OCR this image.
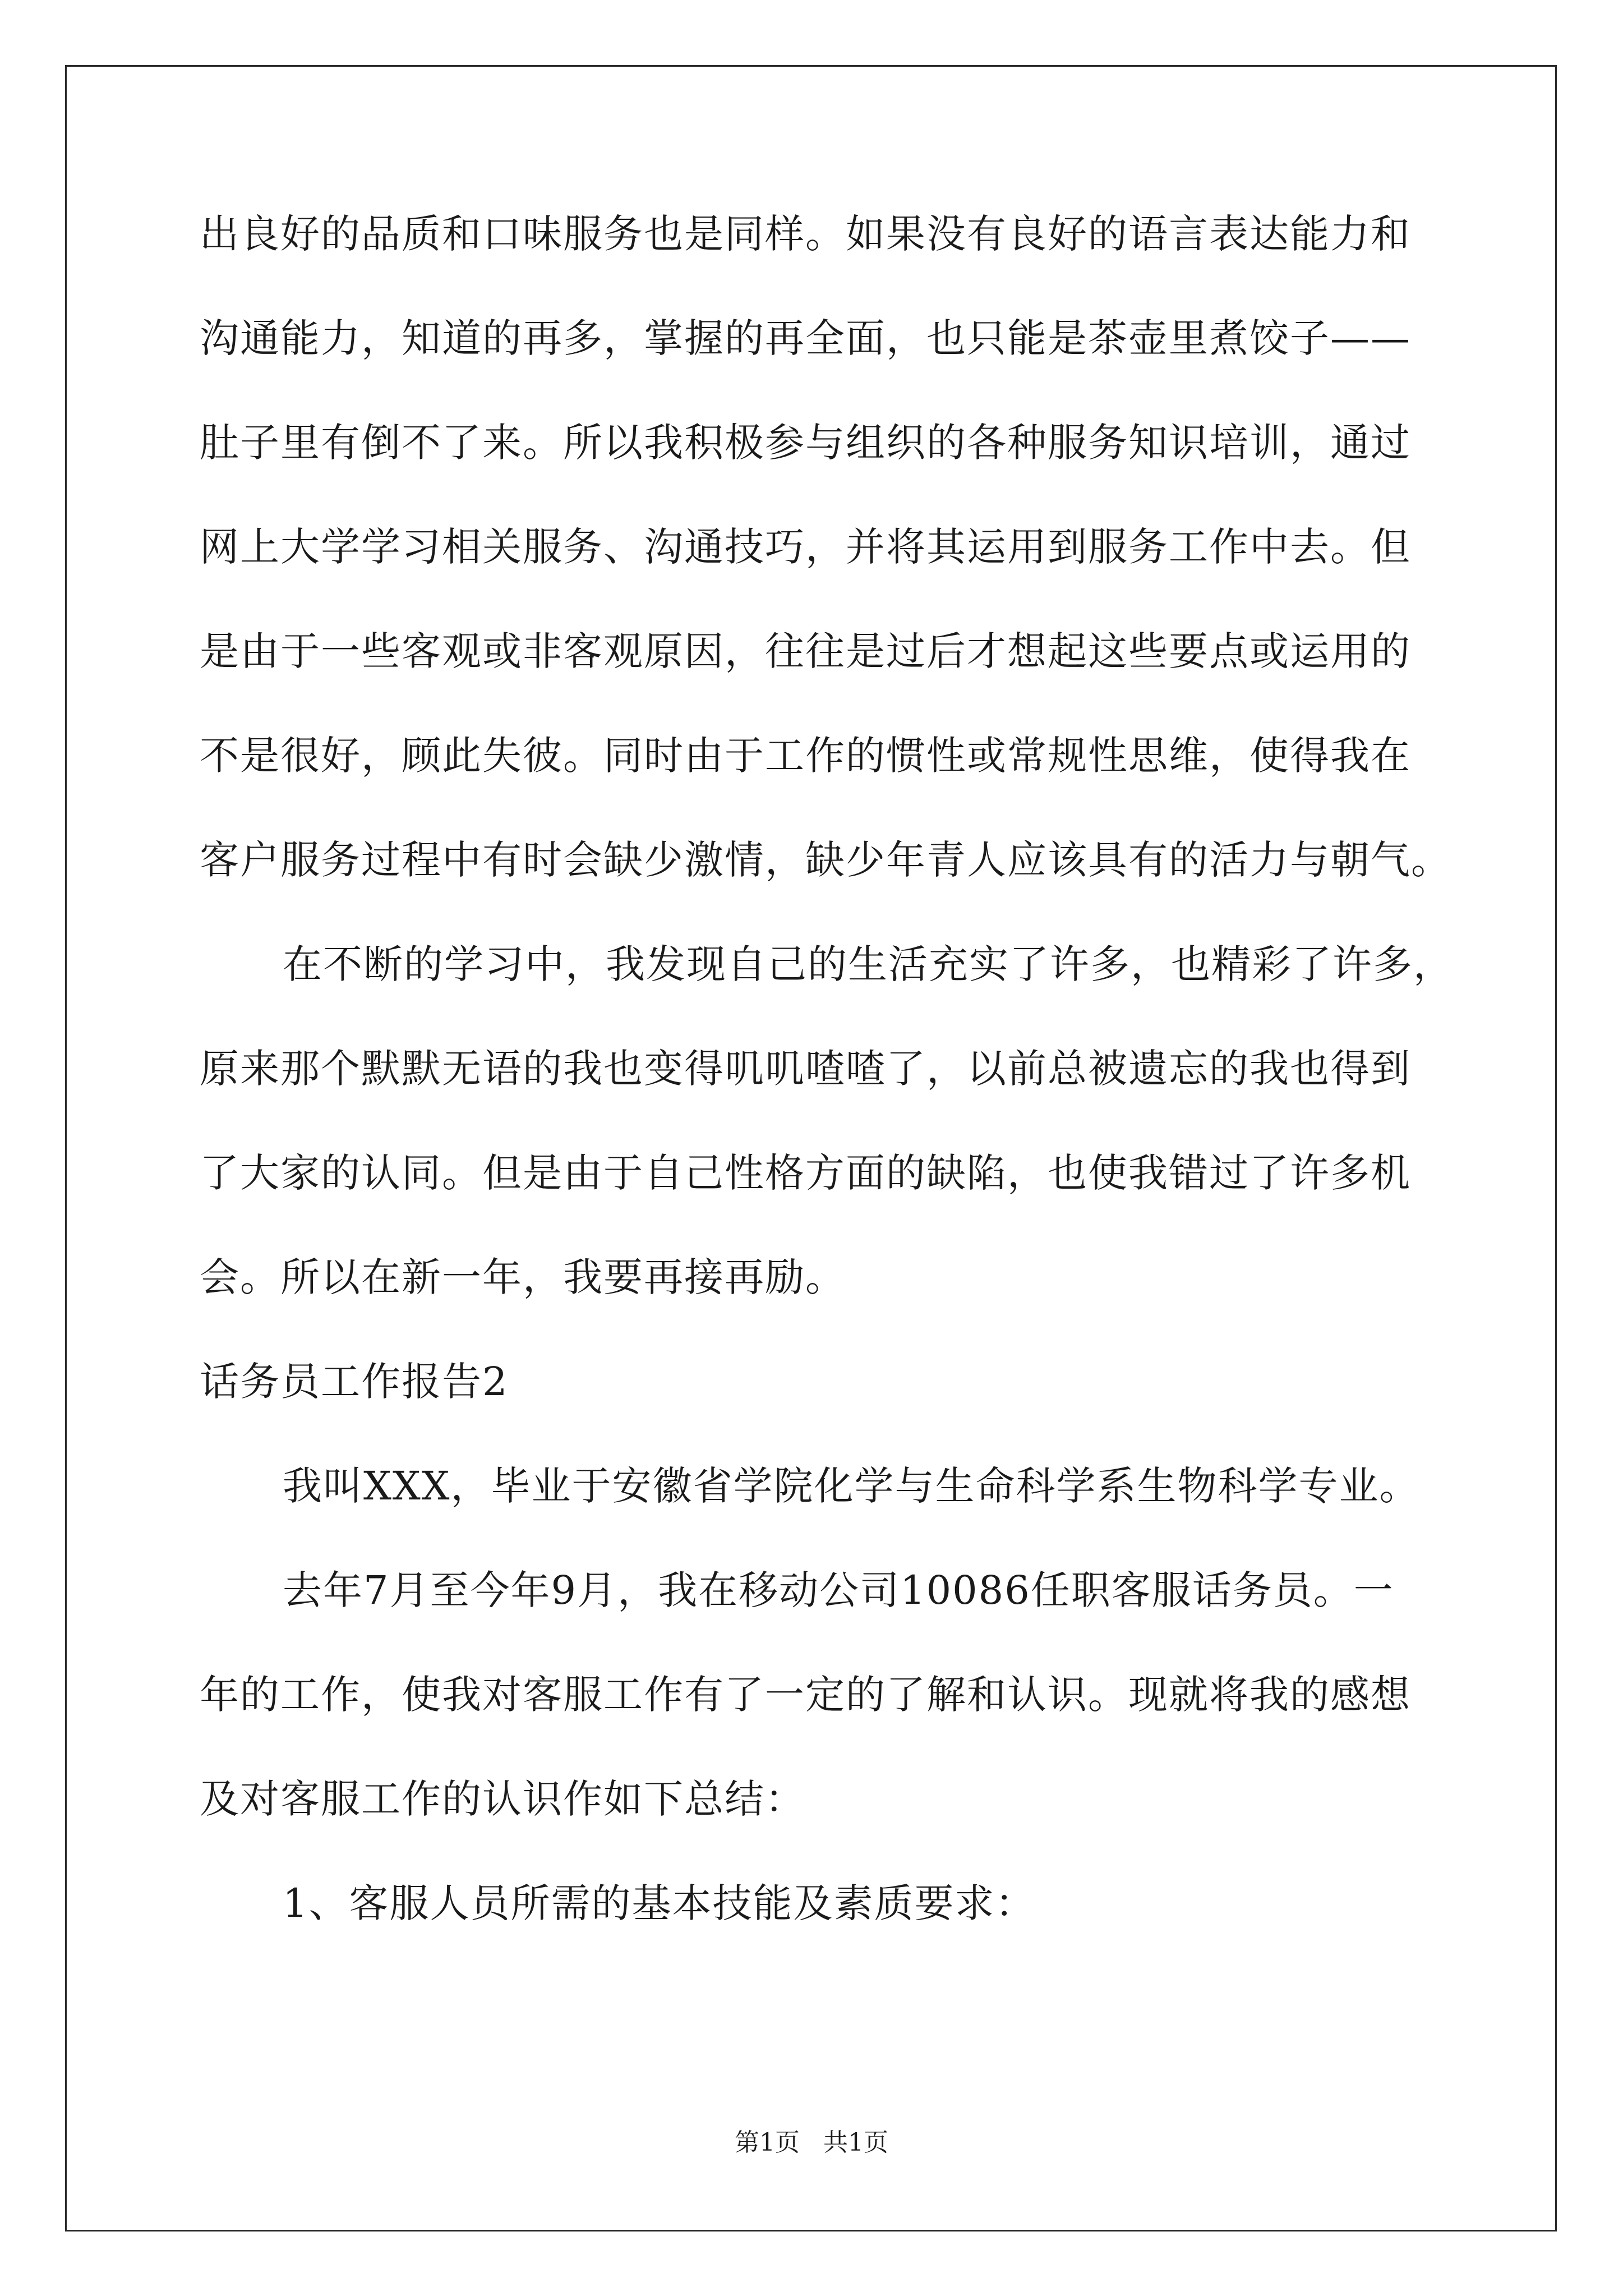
出良好的品质和口味服务也是同样。如果没有良好的语言表达能力和
沟通能力，知道的再多，掌握的再全面，也只能是茶壶里煮饺子——
肚子里有倒不了来。所以我积极参与组织的各种服务知识培训，通过
网上大学学习相关服务、沟通技巧，并将其运用到服务工作中去。但
是由于一些客观或非客观原因，往往是过后才想起这些要点或运用的
不是很好，顾此失彼。同时由于工作的惯性或常规性思维，使得我在
客户服务过程中有时会缺少激情，缺少年青人应该具有的活力与朝气。
在不断的学习中，我发现自己的生活充实了许多，也精彩了许多，
原来那个默默无语的我也变得叽叽喳喳了，以前总被遗忘的我也得到
了大家的认同。但是由于自己性格方面的缺陷，也使我错过了许多机
会。所以在新一年，我要再接再励。
话务员工作报告2
我叫XXX，毕业于安徽省学院化学与生命科学系生物科学专业。
去年7月至今年9月，我在移动公司10086任职客服话务员。一
年的工作，使我对客服工作有了一定的了解和认识。现就将我的感想
及对客服工作的认识作如下总结：
1、客服人员所需的基本技能及素质要求：
第1页   共1页
